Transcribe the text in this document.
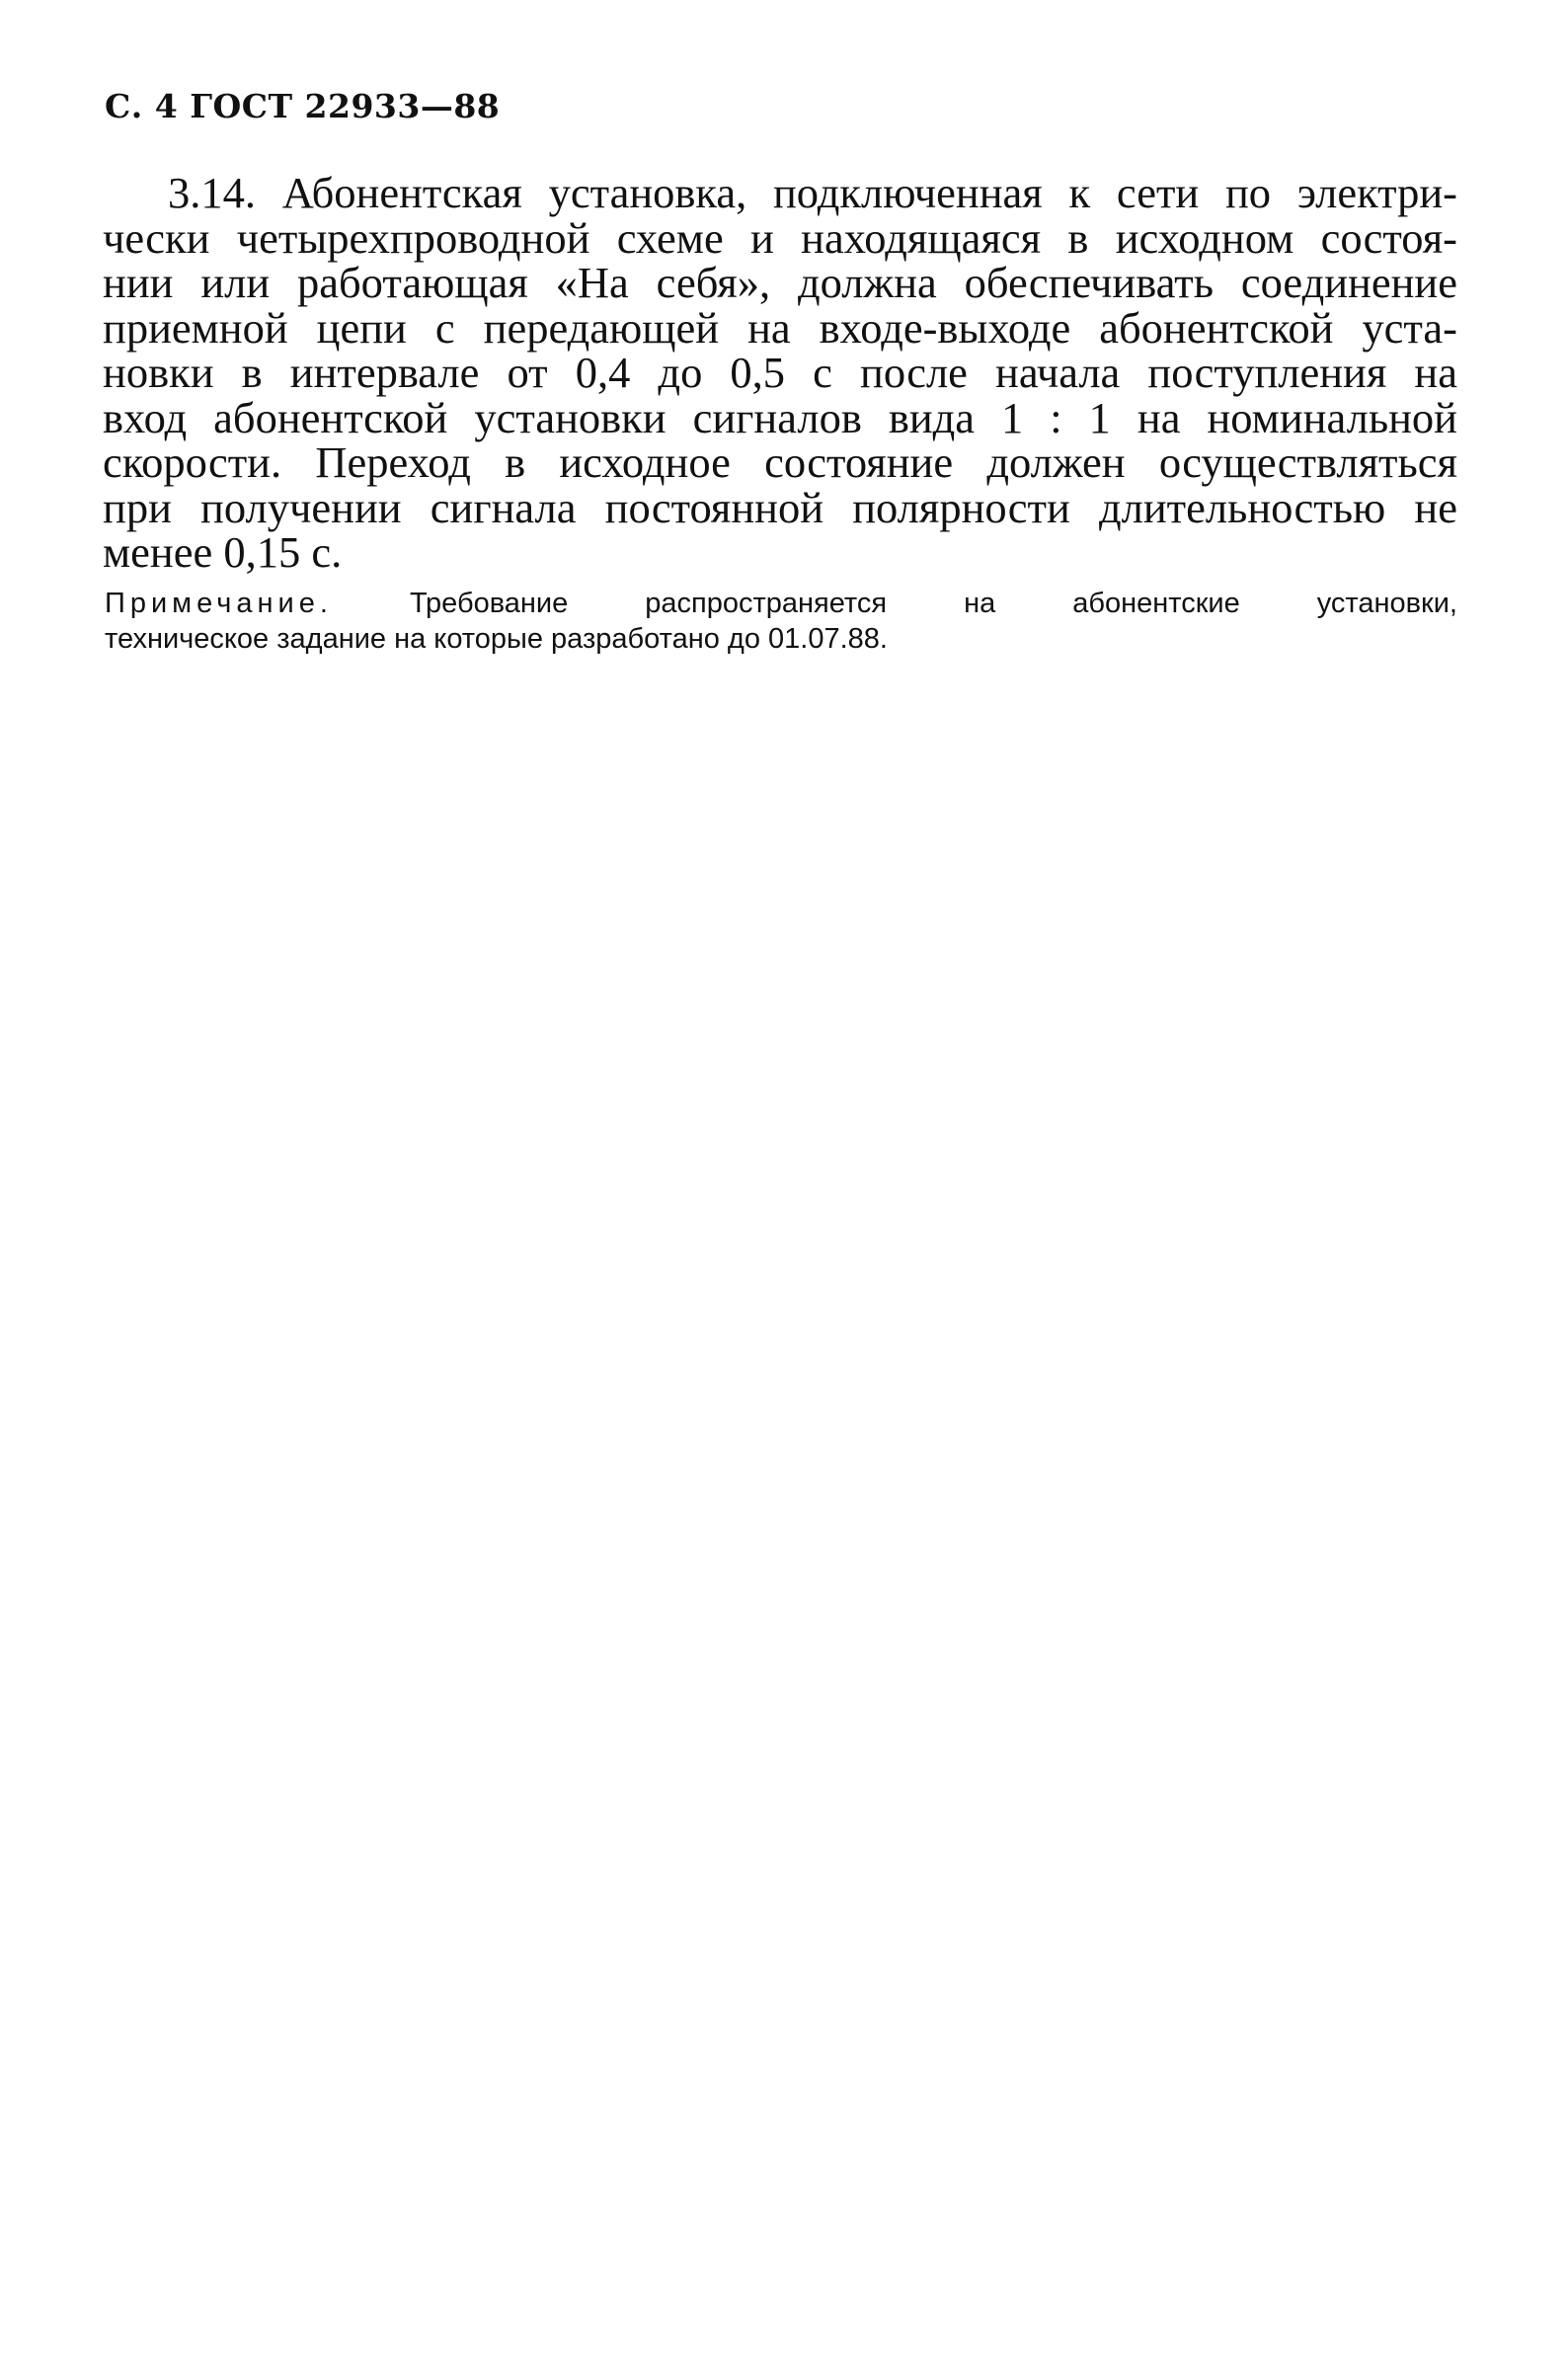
С. 4 ГОСТ 22933—88
3.14. Абонентская установка, подключенная к сети по электри-
чески четырехпроводной схеме и находящаяся в исходном состоя-
нии или работающая «На себя», должна обеспечивать соединение
приемной цепи с передающей на входе-выходе абонентской уста-
новки в интервале от 0,4 до 0,5 с после начала поступления на
вход абонентской установки сигналов вида 1 : 1 на номинальной
скорости. Переход в исходное состояние должен осуществляться
при получении сигнала постоянной полярности длительностью не
менее 0,15 с.
Примечание.	Требование распространяется на абонентские установки,
техническое задание на которые разработано до 01.07.88.
